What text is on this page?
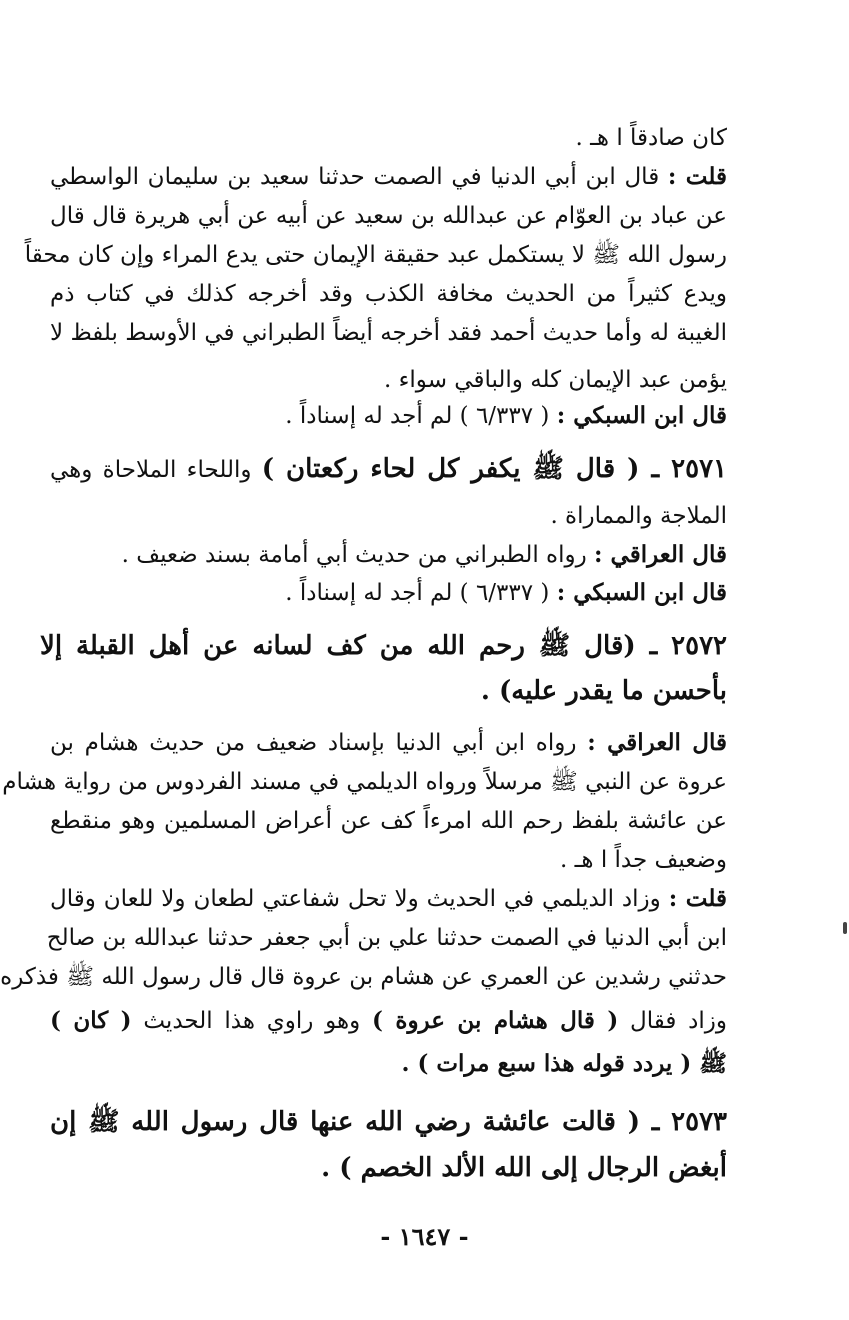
كان صادقاً ا هـ .
قلت : قال ابن أبي الدنيا في الصمت حدثنا سعيد بن سليمان الواسطي
عن عباد بن العوّام عن عبدالله بن سعيد عن أبيه عن أبي هريرة قال قال
رسول الله ﷺ لا يستكمل عبد حقيقة الإيمان حتى يدع المراء وإن كان محقاً
ويدع كثيراً من الحديث مخافة الكذب وقد أخرجه كذلك في كتاب ذم
الغيبة له وأما حديث أحمد فقد أخرجه أيضاً الطبراني في الأوسط بلفظ لا
يؤمن عبد الإيمان كله والباقي سواء .
قال ابن السبكي : ( ٦/٣٣٧ ) لم أجد له إسناداً .
٢٥٧١ ـ ( قال ﷺ يكفر كل لحاء ركعتان ) واللحاء الملاحاة وهي
الملاجة والمماراة .
قال العراقي : رواه الطبراني من حديث أبي أمامة بسند ضعيف .
قال ابن السبكي : ( ٦/٣٣٧ ) لم أجد له إسناداً .
٢٥٧٢ ـ (قال ﷺ رحم الله من كف لسانه عن أهل القبلة إلا
بأحسن ما يقدر عليه) .
قال العراقي : رواه ابن أبي الدنيا بإسناد ضعيف من حديث هشام بن
عروة عن النبي ﷺ مرسلاً ورواه الديلمي في مسند الفردوس من رواية هشام
عن عائشة بلفظ رحم الله امرءاً كف عن أعراض المسلمين وهو منقطع
وضعيف جداً ا هـ .
قلت : وزاد الديلمي في الحديث ولا تحل شفاعتي لطعان ولا للعان وقال
ابن أبي الدنيا في الصمت حدثنا علي بن أبي جعفر حدثنا عبدالله بن صالح
حدثني رشدين عن العمري عن هشام بن عروة قال قال رسول الله ﷺ فذكره
وزاد فقال ( قال هشام بن عروة ) وهو راوي هذا الحديث ( كان )
ﷺ ( يردد قوله هذا سبع مرات ) .
٢٥٧٣ ـ ( قالت عائشة رضي الله عنها قال رسول الله ﷺ إن
أبغض الرجال إلى الله الألد الخصم ) .
- ١٦٤٧ -
